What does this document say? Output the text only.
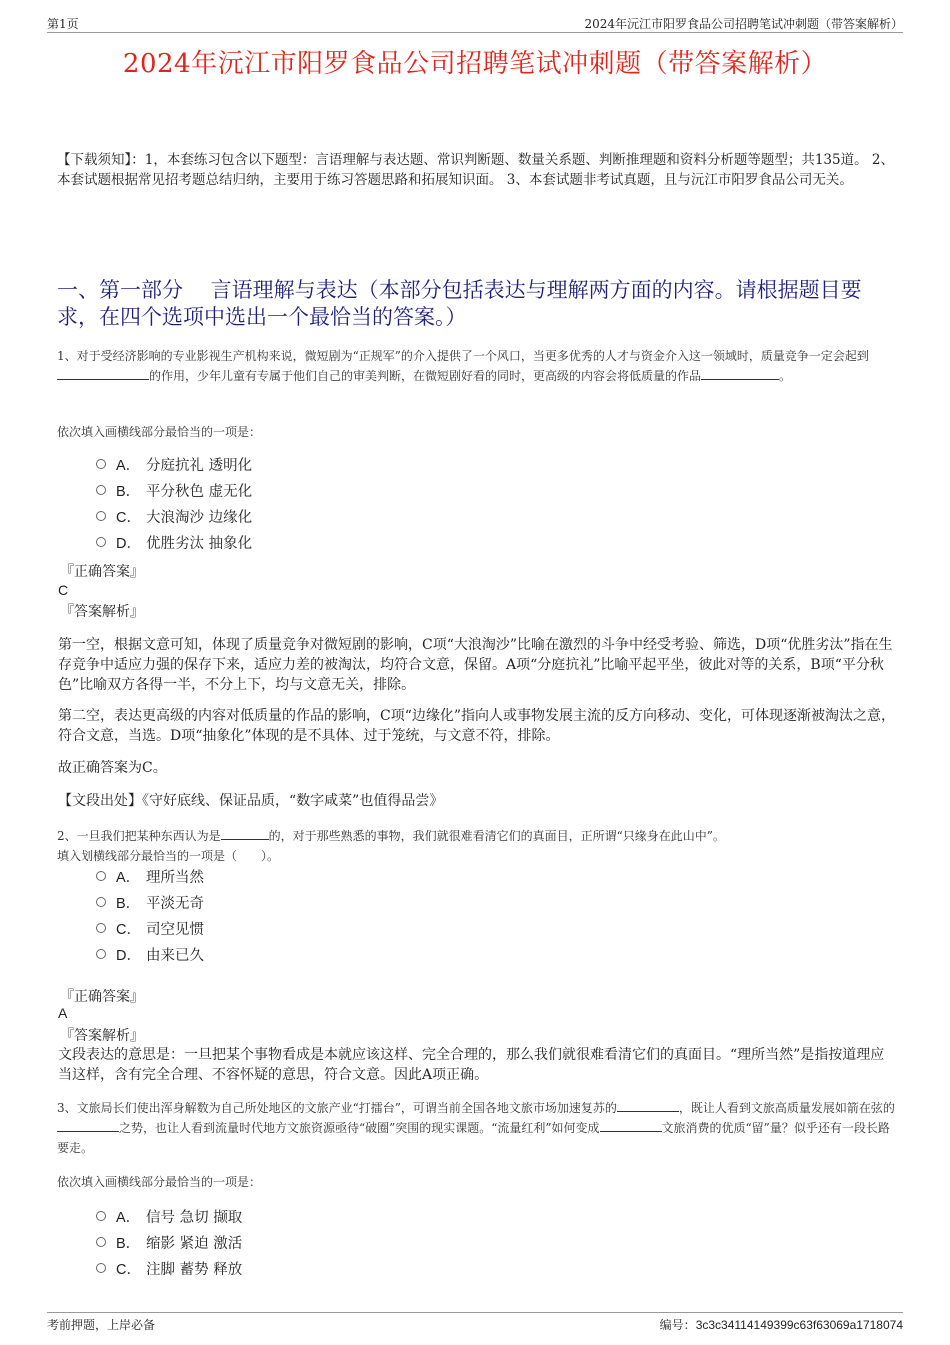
第1页	2024年沅江市阳罗食品公司招聘笔试冲刺题（带答案解析）
2024年沅江市阳罗食品公司招聘笔试冲刺题（带答案解析）
【下载须知】：1，本套练习包含以下题型：言语理解与表达题、常识判断题、数量关系题、判断推理题和资料分析题等题型；共135道。 2、本套试题根据常见招考题总结归纳，主要用于练习答题思路和拓展知识面。 3、本套试题非考试真题，且与沅江市阳罗食品公司无关。
一、第一部分　 言语理解与表达（本部分包括表达与理解两方面的内容。请根据题目要求，在四个选项中选出一个最恰当的答案。）
1、对于受经济影响的专业影视生产机构来说，微短剧为“正规军”的介入提供了一个风口，当更多优秀的人才与资金介入这一领域时，质量竞争一定会起到的作用，少年儿童有专属于他们自己的审美判断，在微短剧好看的同时，更高级的内容会将低质量的作品	。
依次填入画横线部分最恰当的一项是：
A． 分庭抗礼 透明化
B． 平分秋色 虚无化
C． 大浪淘沙 边缘化
D． 优胜劣汰 抽象化
『正确答案』
C
『答案解析』
第一空，根据文意可知，体现了质量竞争对微短剧的影响，C项“大浪淘沙”比喻在激烈的斗争中经受考验、筛选，D项“优胜劣汰”指在生存竞争中适应力强的保存下来，适应力差的被淘汰，均符合文意，保留。A项“分庭抗礼”比喻平起平坐，彼此对等的关系，B项“平分秋色”比喻双方各得一半，不分上下，均与文意无关，排除。
第二空，表达更高级的内容对低质量的作品的影响，C项“边缘化”指向人或事物发展主流的反方向移动、变化，可体现逐渐被淘汰之意，符合文意，当选。D项“抽象化”体现的是不具体、过于笼统，与文意不符，排除。
故正确答案为C。
【文段出处】《守好底线、保证品质，“数字咸菜”也值得品尝》
2、一旦我们把某种东西认为是	的，对于那些熟悉的事物，我们就很难看清它们的真面目，正所谓“只缘身在此山中”。
填入划横线部分最恰当的一项是（　　）。
A． 理所当然
B． 平淡无奇
C． 司空见惯
D． 由来已久
『正确答案』
A
『答案解析』
文段表达的意思是：一旦把某个事物看成是本就应该这样、完全合理的，那么我们就很难看清它们的真面目。“理所当然”是指按道理应当这样，含有完全合理、不容怀疑的意思，符合文意。因此A项正确。
3、文旅局长们使出浑身解数为自己所处地区的文旅产业“打擂台”，可谓当前全国各地文旅市场加速复苏的	，既让人看到文旅高质量发展如箭在弦的之势，也让人看到流量时代地方文旅资源亟待“破圈”突围的现实课题。“流量红利”如何变成	文旅消费的优质“留”量？似乎还有一段长路要走。
依次填入画横线部分最恰当的一项是：
A． 信号 急切 撷取
B． 缩影 紧迫 激活
C． 注脚 蓄势 释放
考前押题，上岸必备	编号：3c3c34114149399c63f63069a1718074
